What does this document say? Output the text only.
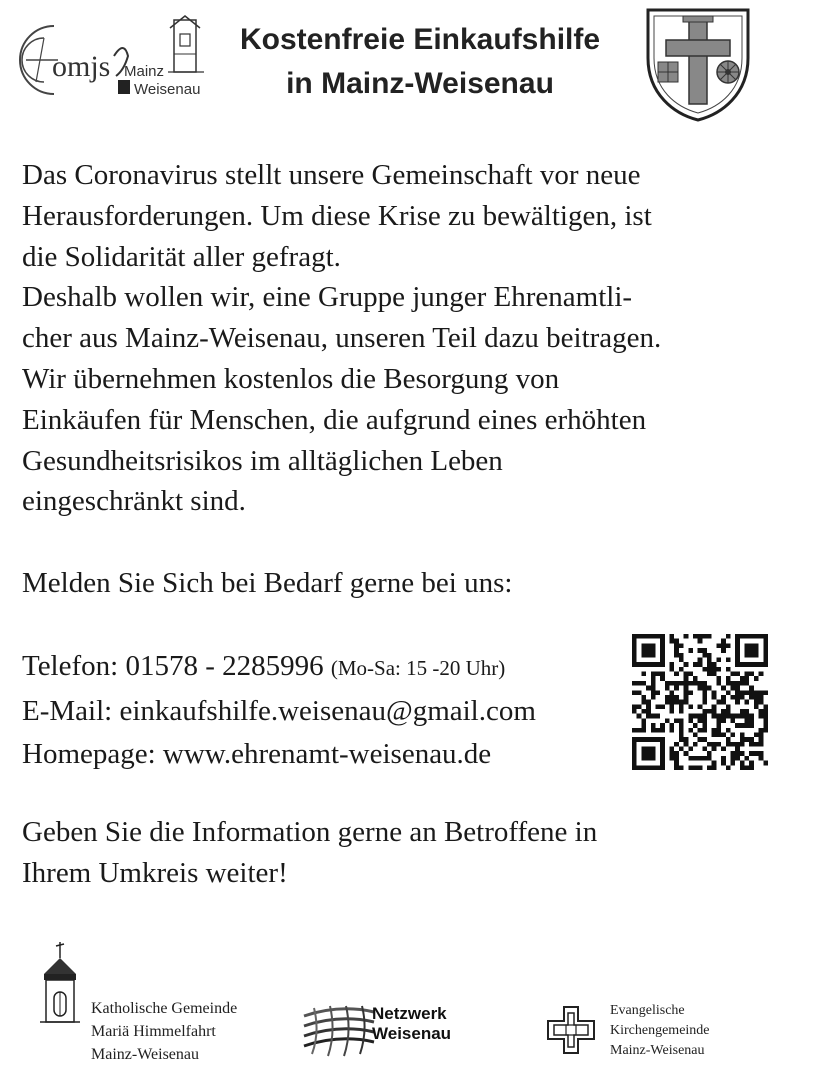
omjs Mainz
Weisenau
Kostenfreie Einkaufshilfe
in Mainz-Weisenau

Das Coronavirus stellt unsere Gemeinschaft vor neue

Herausforderungen. Um diese Krise zu bewältigen, ist

die Solidarität aller gefragt.

Deshalb wollen wir, eine Gruppe junger Ehrenamtli-

cher aus Mainz-Weisenau, unseren Teil dazu beitragen.

Wir übernehmen kostenlos die Besorgung von

Einkäufen für Menschen, die aufgrund eines erhöhten

Gesundheitsrisikos im alltäglichen Leben

eingeschränkt sind.

Melden Sie Sich bei Bedarf gerne bei uns:

Telefon: 01578 - 2285996 (Mo-Sa: 15 -20 Uhr)
E-Mail: einkaufshilfe.weisenau@gmail.com
Homepage: www.ehrenamt-weisenau.de

Geben Sie die Information gerne an Betroffene in

Ihrem Umkreis weiter!

Katholische Gemeinde
Mariä Himmelfahrt
Mainz-Weisenau
Netzwerk
Weisenau
Evangelische
Kirchengemeinde
Mainz-Weisenau
